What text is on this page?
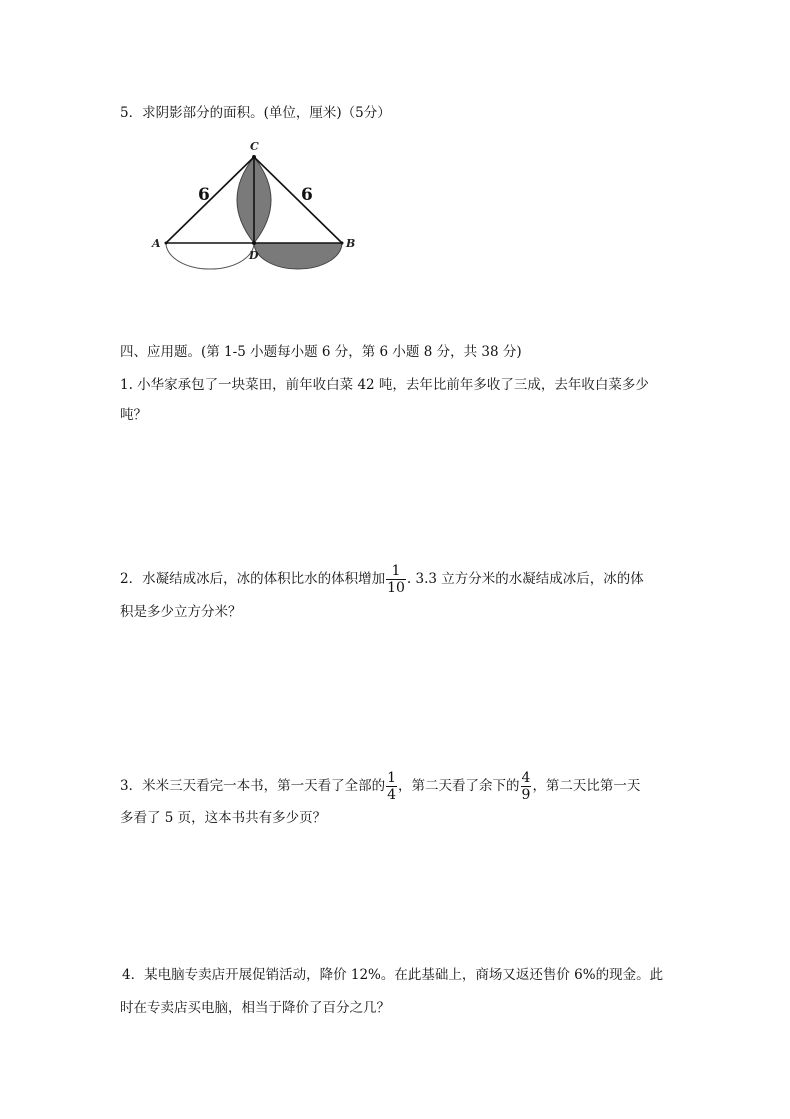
5．求阴影部分的面积。(单位，厘米)（5分）
C
A	B
D
6	6
四、应用题。(第 1-5 小题每小题 6 分，第 6 小题 8 分，共 38 分)
1. 小华家承包了一块菜田，前年收白菜 42 吨，去年比前年多收了三成，去年收白菜多少
吨？
2．水凝结成冰后，冰的体积比水的体积增加 $\frac{1}{10}$ . 3.3 立方分米的水凝结成冰后，冰的体
积是多少立方分米？
3．米米三天看完一本书，第一天看了全部的 $\frac{1}{4}$ ，第二天看了余下的 $\frac{4}{9}$ ，第二天比第一天
多看了 5 页，这本书共有多少页？
4．某电脑专卖店开展促销活动，降价 12%。在此基础上，商场又返还售价 6%的现金。此
时在专卖店买电脑，相当于降价了百分之几？
